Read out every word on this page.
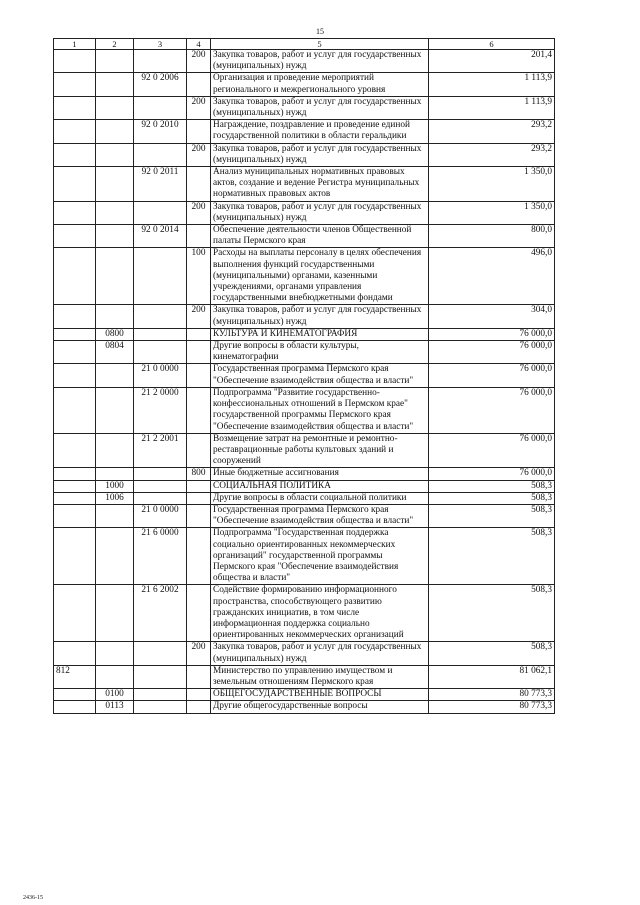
15
1	2	3	4	5	6
			200	Закупка товаров, работ и услуг для государственных (муниципальных) нужд	201,4
		92 0 2006		Организация и проведение мероприятий регионального и межрегионального уровня	1 113,9
			200	Закупка товаров, работ и услуг для государственных (муниципальных) нужд	1 113,9
		92 0 2010		Награждение, поздравление и проведение единой государственной политики в области геральдики	293,2
			200	Закупка товаров, работ и услуг для государственных (муниципальных) нужд	293,2
		92 0 2011		Анализ муниципальных нормативных правовых актов, создание и ведение Регистра муниципальных нормативных правовых актов	1 350,0
			200	Закупка товаров, работ и услуг для государственных (муниципальных) нужд	1 350,0
		92 0 2014		Обеспечение деятельности членов Общественной палаты Пермского края	800,0
			100	Расходы на выплаты персоналу в целях обеспечения выполнения функций государственными (муниципальными) органами, казенными учреждениями, органами управления государственными внебюджетными фондами	496,0
			200	Закупка товаров, работ и услуг для государственных (муниципальных) нужд	304,0
	0800			КУЛЬТУРА И КИНЕМАТОГРАФИЯ	76 000,0
	0804			Другие вопросы в области культуры, кинематографии	76 000,0
		21 0 0000		Государственная программа Пермского края "Обеспечение взаимодействия общества и власти"	76 000,0
		21 2 0000		Подпрограмма "Развитие государственно-конфессиональных отношений в Пермском крае" государственной программы Пермского края "Обеспечение взаимодействия общества и власти"	76 000,0
		21 2 2001		Возмещение затрат на ремонтные и ремонтно-реставрационные работы культовых зданий и сооружений	76 000,0
			800	Иные бюджетные ассигнования	76 000,0
	1000			СОЦИАЛЬНАЯ ПОЛИТИКА	508,3
	1006			Другие вопросы в области социальной политики	508,3
		21 0 0000		Государственная программа Пермского края "Обеспечение взаимодействия общества и власти"	508,3
		21 6 0000		Подпрограмма "Государственная поддержка социально ориентированных некоммерческих организаций" государственной программы Пермского края "Обеспечение взаимодействия общества и власти"	508,3
		21 6 2002		Содействие формированию информационного пространства, способствующего развитию гражданских инициатив, в том числе информационная поддержка социально ориентированных некоммерческих организаций	508,3
			200	Закупка товаров, работ и услуг для государственных (муниципальных) нужд	508,3
812				Министерство по управлению имуществом и земельным отношениям Пермского края	81 062,1
	0100			ОБЩЕГОСУДАРСТВЕННЫЕ ВОПРОСЫ	80 773,3
	0113			Другие общегосударственные вопросы	80 773,3
2436-15
